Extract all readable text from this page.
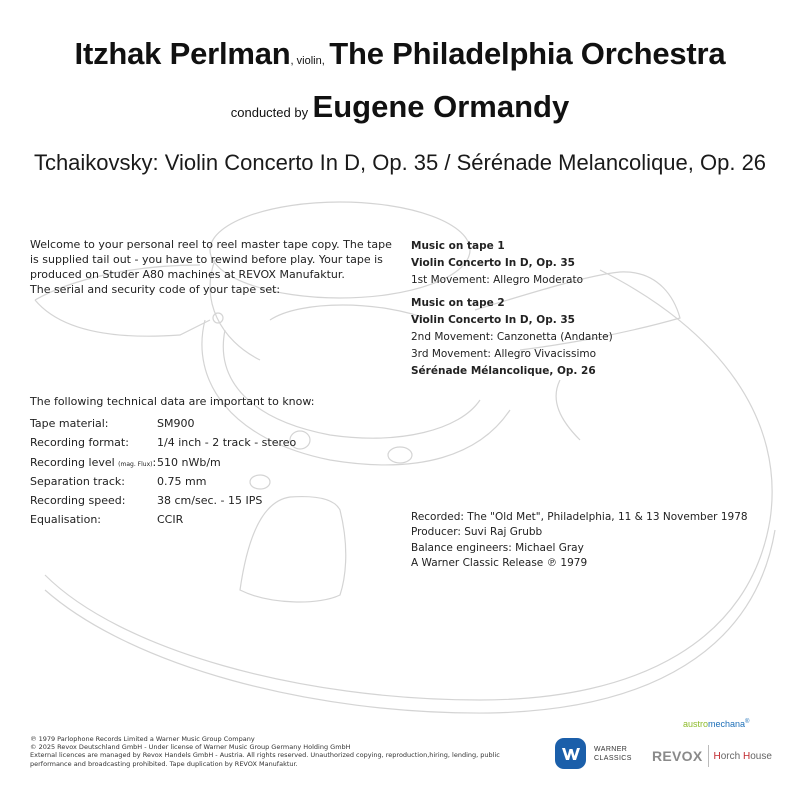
Itzhak Perlman, violin, The Philadelphia Orchestra
conducted by Eugene Ormandy
Tchaikovsky: Violin Concerto In D, Op. 35 / Sérénade Melancolique, Op. 26

Welcome to your personal reel to reel master tape copy. The tape is supplied tail out - you have to rewind before play. Your tape is produced on Studer A80 machines at REVOX Manufaktur.

The serial and security code of your tape set:

Music on tape 1
Violin Concerto In D, Op. 35
1st Movement: Allegro Moderato
Music on tape 2
Violin Concerto In D, Op. 35
2nd Movement: Canzonetta (Andante)
3rd Movement: Allegro Vivacissimo
Sérénade Mélancolique, Op. 26
The following technical data are important to know:
Tape material:	SM900
Recording format:	1/4 inch - 2 track - stereo
Recording level (mag. Flux): 510 nWb/m
Separation track:	0.75 mm
Recording speed:	38 cm/sec. - 15 IPS
Equalisation:	CCIR	Recorded: The "Old Met", Philadelphia, 11 & 13 November 1978
Producer: Suvi Raj Grubb
Balance engineers: Michael Gray
A Warner Classic Release ℗ 1979
℗ 1979 Parlophone Records Limited a Warner Music Group Company
© 2025 Revox Deutschland GmbH - Under license of Warner Music Group Germany Holding GmbH
External licences are managed by Revox Handels GmbH - Austria. All rights reserved. Unauthorized copying, reproduction,hiring, lending, public performance and broadcasting prohibited. Tape duplication by REVOX Manufaktur.
austromechana®
WARNER
CLASSICS REVOX Horch House
